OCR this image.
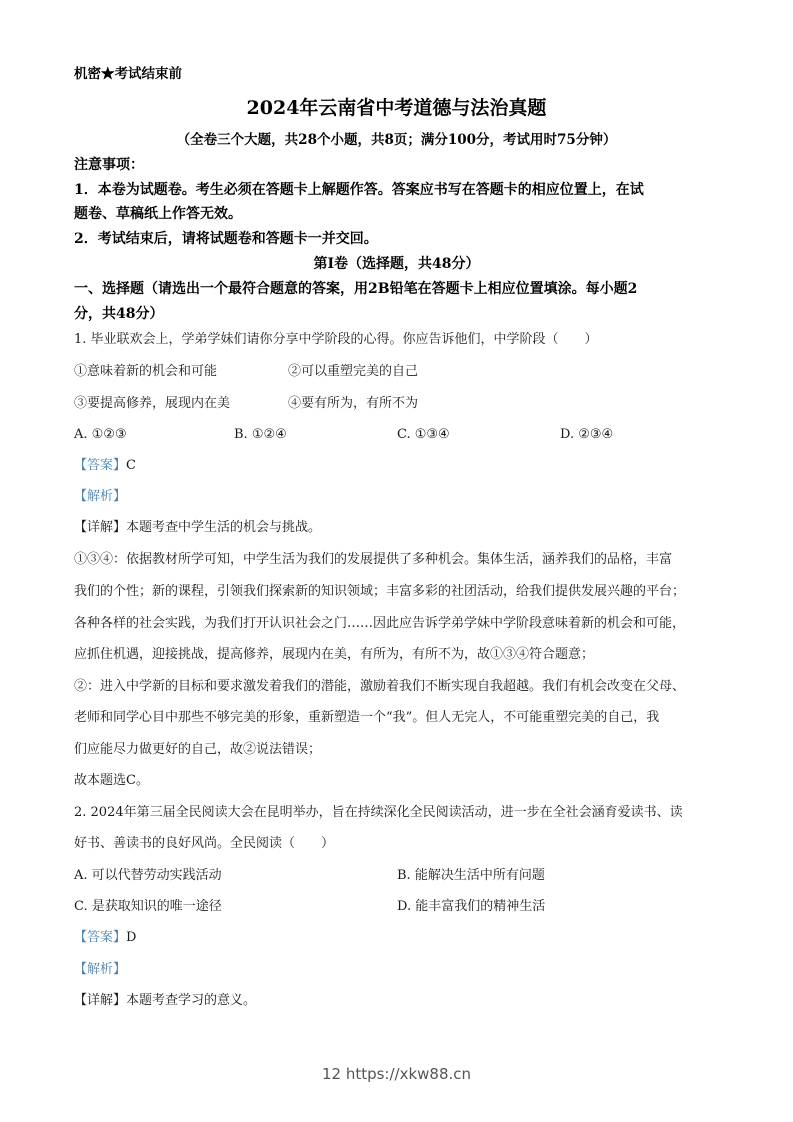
机密★考试结束前
2024年云南省中考道德与法治真题
（全卷三个大题，共28个小题，共8页；满分100分，考试用时75分钟）
注意事项：
1．本卷为试题卷。考生必须在答题卡上解题作答。答案应书写在答题卡的相应位置上，在试
题卷、草稿纸上作答无效。
2．考试结束后，请将试题卷和答题卡一并交回。
第Ⅰ卷（选择题，共48分）
一、选择题（请选出一个最符合题意的答案，用2B铅笔在答题卡上相应位置填涂。每小题2
分，共48分）
1. 毕业联欢会上，学弟学妹们请你分享中学阶段的心得。你应告诉他们，中学阶段（　　）
①意味着新的机会和可能	②可以重塑完美的自己
③要提高修养，展现内在美	④要有所为，有所不为
A. ①②③	B. ①②④	C. ①③④	D. ②③④
【答案】C
【解析】
【详解】本题考查中学生活的机会与挑战。
①③④：依据教材所学可知，中学生活为我们的发展提供了多种机会。集体生活，涵养我们的品格，丰富
我们的个性；新的课程，引领我们探索新的知识领域；丰富多彩的社团活动，给我们提供发展兴趣的平台；
各种各样的社会实践，为我们打开认识社会之门……因此应告诉学弟学妹中学阶段意味着新的机会和可能，
应抓住机遇，迎接挑战，提高修养，展现内在美，有所为，有所不为，故①③④符合题意；
②：进入中学新的目标和要求激发着我们的潜能，激励着我们不断实现自我超越。我们有机会改变在父母、
老师和同学心目中那些不够完美的形象，重新塑造一个“我”。但人无完人，不可能重塑完美的自己，我
们应能尽力做更好的自己，故②说法错误；
故本题选C。
2. 2024年第三届全民阅读大会在昆明举办，旨在持续深化全民阅读活动，进一步在全社会涵育爱读书、读
好书、善读书的良好风尚。全民阅读（　　）
A. 可以代替劳动实践活动	B. 能解决生活中所有问题
C. 是获取知识的唯一途径	D. 能丰富我们的精神生活
【答案】D
【解析】
【详解】本题考查学习的意义。
12 https://xkw88.cn
